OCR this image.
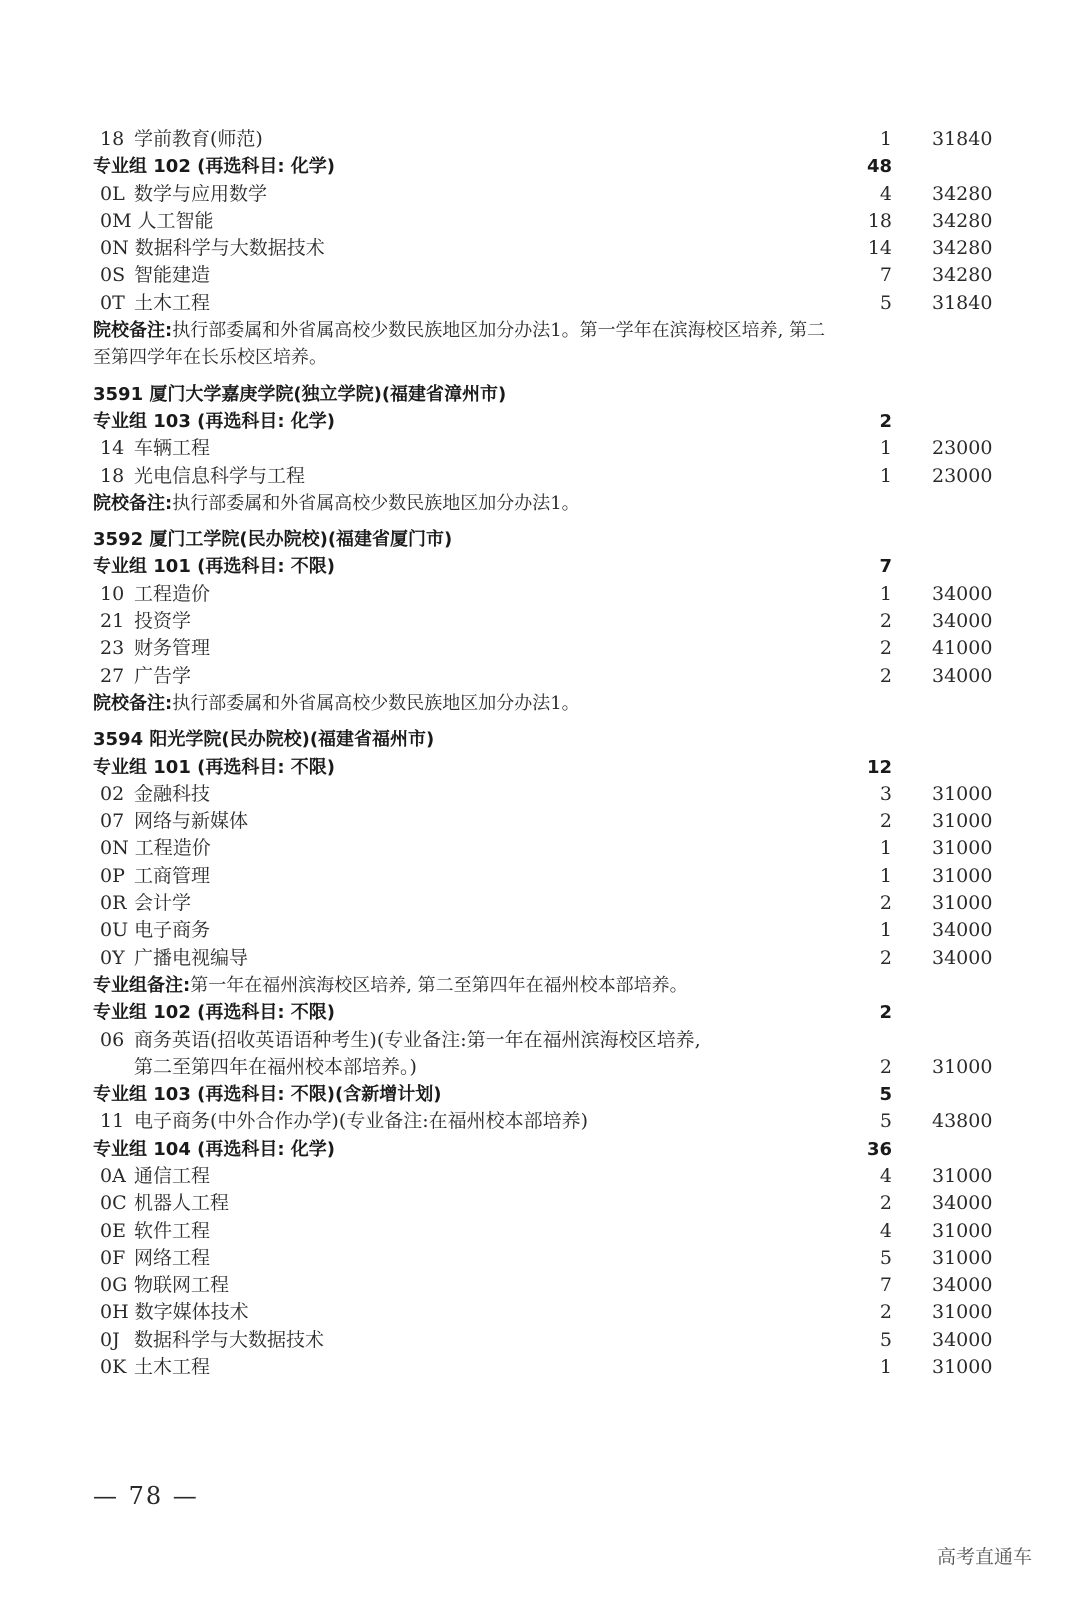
18 学前教育(师范)	1 31840
专业组 102 (再选科目: 化学)	48
0L 数学与应用数学	4 34280
0M 人工智能	18 34280
0N 数据科学与大数据技术	14 34280
0S 智能建造	7 34280
0T 土木工程	5 31840
院校备注:执行部委属和外省属高校少数民族地区加分办法1。第一学年在滨海校区培养, 第二
至第四学年在长乐校区培养。
3591 厦门大学嘉庚学院(独立学院)(福建省漳州市)
专业组 103 (再选科目: 化学)	2
14 车辆工程	1 23000
18 光电信息科学与工程	1 23000
院校备注:执行部委属和外省属高校少数民族地区加分办法1。
3592 厦门工学院(民办院校)(福建省厦门市)
专业组 101 (再选科目: 不限)	7
10 工程造价	1 34000
21 投资学	2 34000
23 财务管理	2 41000
27 广告学	2 34000
院校备注:执行部委属和外省属高校少数民族地区加分办法1。
3594 阳光学院(民办院校)(福建省福州市)
专业组 101 (再选科目: 不限)	12
02 金融科技	3 31000
07 网络与新媒体	2 31000
0N 工程造价	1 31000
0P 工商管理	1 31000
0R 会计学	2 31000
0U 电子商务	1 34000
0Y 广播电视编导	2 34000
专业组备注:第一年在福州滨海校区培养, 第二至第四年在福州校本部培养。
专业组 102 (再选科目: 不限)	2
06 商务英语(招收英语语种考生)(专业备注:第一年在福州滨海校区培养,
第二至第四年在福州校本部培养。)	2 31000
专业组 103 (再选科目: 不限)(含新增计划)	5
11 电子商务(中外合作办学)(专业备注:在福州校本部培养)	5 43800
专业组 104 (再选科目: 化学)	36
0A 通信工程	4 31000
0C 机器人工程	2 34000
0E 软件工程	4 31000
0F 网络工程	5 31000
0G 物联网工程	7 34000
0H 数字媒体技术	2 31000
0J 数据科学与大数据技术	5 34000
0K 土木工程	1 31000
— 78 —
高考直通车
